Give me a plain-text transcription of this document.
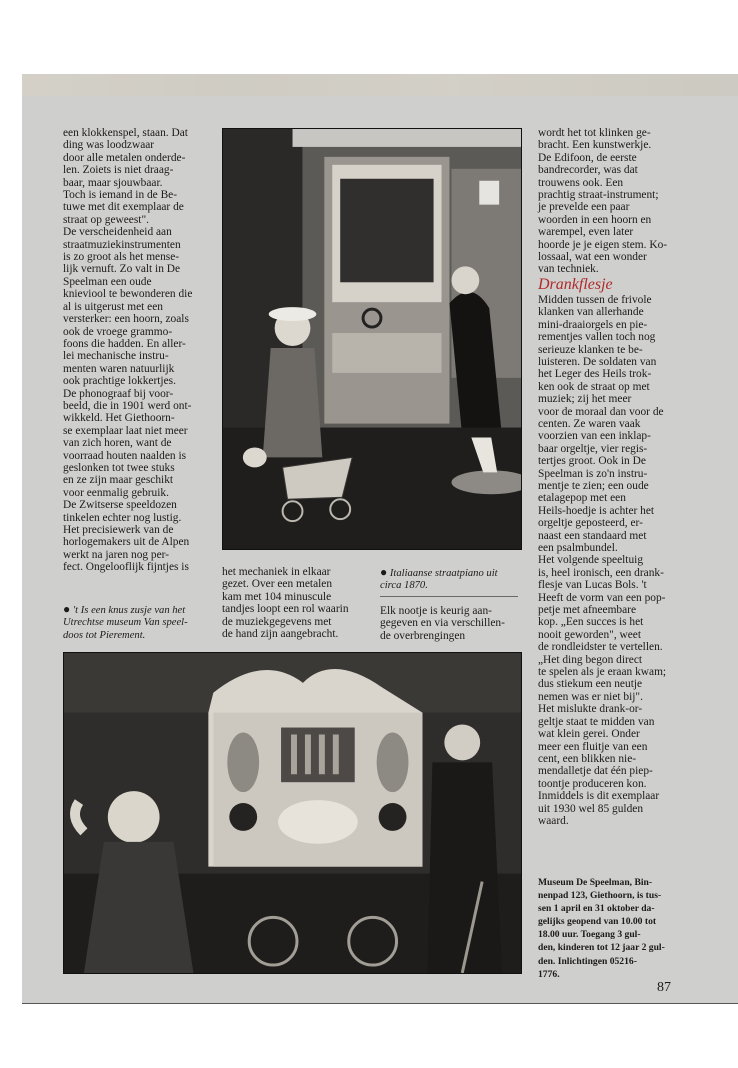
een klokkenspel, staan. Dat

ding was loodzwaar

door alle metalen onderde-

len. Zoiets is niet draag-

baar, maar sjouwbaar.

Toch is iemand in de Be-

tuwe met dit exemplaar de

straat op geweest".

De verscheidenheid aan

straatmuziekinstrumenten

is zo groot als het mense-

lijk vernuft. Zo valt in De

Speelman een oude

knieviool te bewonderen die

al is uitgerust met een

versterker: een hoorn, zoals

ook de vroege grammo-

foons die hadden. En aller-

lei mechanische instru-

menten waren natuurlijk

ook prachtige lokkertjes.

De phonograaf bij voor-

beeld, die in 1901 werd ont-

wikkeld. Het Giethoorn-

se exemplaar laat niet meer

van zich horen, want de

voorraad houten naalden is

geslonken tot twee stuks

en ze zijn maar geschikt

voor eenmalig gebruik.

De Zwitserse speeldozen

tinkelen echter nog lustig.

Het precisiewerk van de

horlogemakers uit de Alpen

werkt na jaren nog per-

fect. Ongelooflijk fijntjes is

● 't Is een knus zusje van het

Utrechtse museum Van speel-

doos tot Pierement.

het mechaniek in elkaar

gezet. Over een metalen

kam met 104 minuscule

tandjes loopt een rol waarin

de muziekgegevens met

de hand zijn aangebracht.

● Italiaanse straatpiano uit

circa 1870.

Elk nootje is keurig aan-

gegeven en via verschillen-

de overbrengingen

wordt het tot klinken ge-

bracht. Een kunstwerkje.

De Edifoon, de eerste

bandrecorder, was dat

trouwens ook. Een

prachtig straat-instrument;

je prevelde een paar

woorden in een hoorn en

warempel, even later

hoorde je je eigen stem. Ko-

lossaal, wat een wonder

van techniek.

Drankflesje

Midden tussen de frivole

klanken van allerhande

mini-draaiorgels en pie-

rementjes vallen toch nog

serieuze klanken te be-

luisteren. De soldaten van

het Leger des Heils trok-

ken ook de straat op met

muziek; zij het meer

voor de moraal dan voor de

centen. Ze waren vaak

voorzien van een inklap-

baar orgeltje, vier regis-

tertjes groot. Ook in De

Speelman is zo'n instru-

mentje te zien; een oude

etalagepop met een

Heils-hoedje is achter het

orgeltje geposteerd, er-

naast een standaard met

een psalmbundel.

Het volgende speeltuig

is, heel ironisch, een drank-

flesje van Lucas Bols. 't

Heeft de vorm van een pop-

petje met afneembare

kop. „Een succes is het

nooit geworden", weet

de rondleidster te vertellen.

„Het ding begon direct

te spelen als je eraan kwam;

dus stiekum een neutje

nemen was er niet bij".

Het mislukte drank-or-

geltje staat te midden van

wat klein gerei. Onder

meer een fluitje van een

cent, een blikken nie-

mendalletje dat één piep-

toontje produceren kon.

Inmiddels is dit exemplaar

uit 1930 wel 85 gulden

waard.

Museum De Speelman, Bin-

nenpad 123, Giethoorn, is tus-

sen 1 april en 31 oktober da-

gelijks geopend van 10.00 tot

18.00 uur. Toegang 3 gul-

den, kinderen tot 12 jaar 2 gul-

den. Inlichtingen 05216-

1776.

87
